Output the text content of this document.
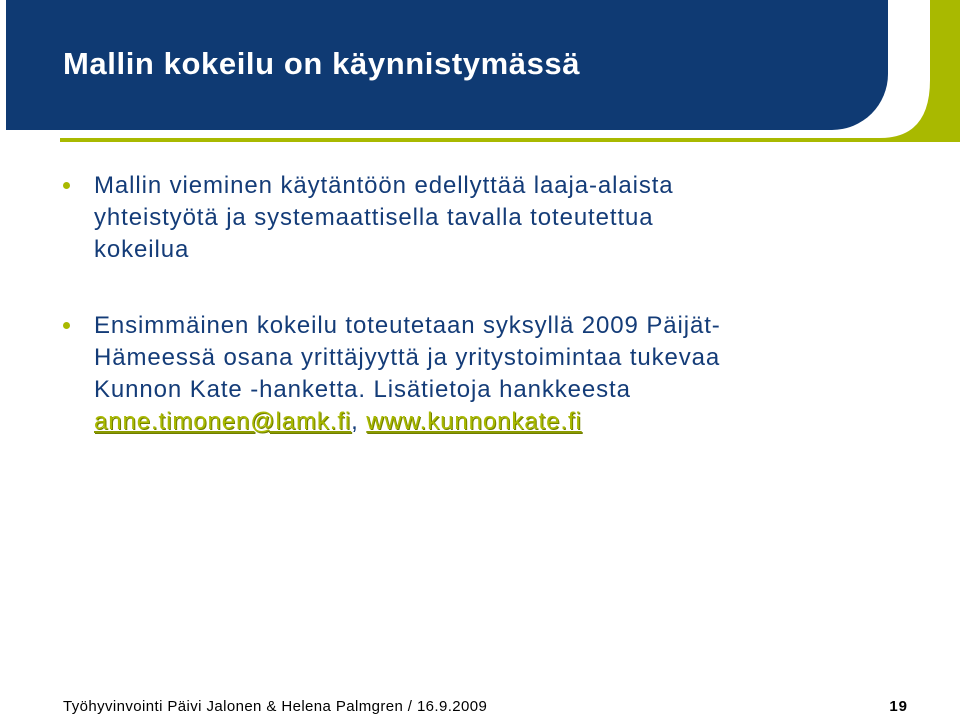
Mallin kokeilu on käynnistymässä
Mallin vieminen käytäntöön edellyttää laaja-alaista
yhteistyötä ja systemaattisella tavalla toteutettua
kokeilua
Ensimmäinen kokeilu toteutetaan syksyllä 2009 Päijät-
Hämeessä osana yrittäjyyttä ja yritystoimintaa tukevaa
Kunnon Kate -hanketta. Lisätietoja hankkeesta
anne.timonen@lamk.fi, www.kunnonkate.fi
Työhyvinvointi Päivi Jalonen & Helena Palmgren / 16.9.2009	19
